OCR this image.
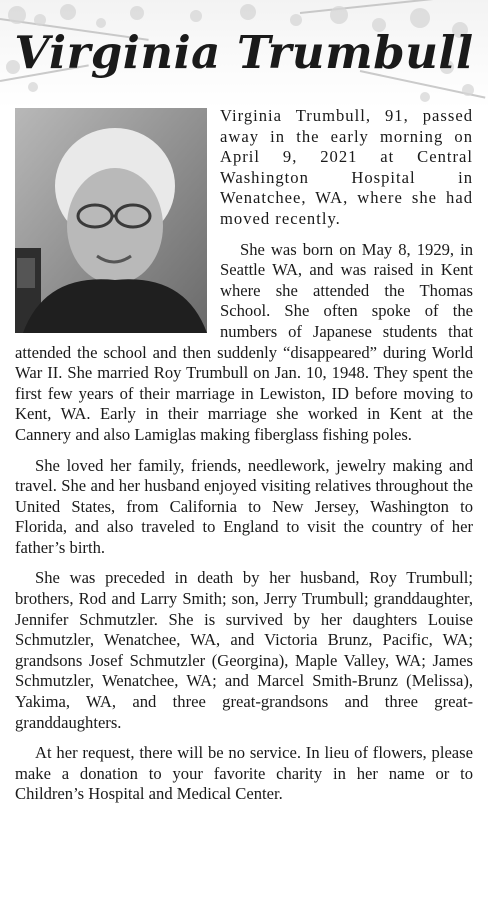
Virginia Trumbull

Virginia Trumbull, 91, passed away in the early morning on April 9, 2021 at Central Washington Hospital in Wenatchee, WA, where she had moved recently.

She was born on May 8, 1929, in Seattle WA, and was raised in Kent where she attended the Thomas School. She often spoke of the numbers of Japanese students that attended the school and then suddenly “disappeared” during World War II. She married Roy Trumbull on Jan. 10, 1948. They spent the first few years of their marriage in Lewiston, ID before moving to Kent, WA. Early in their marriage she worked in Kent at the Cannery and also Lamiglas making fiberglass fishing poles.

She loved her family, friends, needlework, jewelry making and travel. She and her husband enjoyed visiting relatives throughout the United States, from California to New Jersey, Washington to Florida, and also traveled to England to visit the country of her father’s birth.

She was preceded in death by her husband, Roy Trumbull; brothers, Rod and Larry Smith; son, Jerry Trumbull; granddaughter, Jennifer Schmutzler. She is survived by her daughters Louise Schmutzler, Wenatchee, WA, and Victoria Brunz, Pacific, WA; grandsons Josef Schmutzler (Georgina), Maple Valley, WA; James Schmutzler, Wenatchee, WA; and Marcel Smith-Brunz (Melissa), Yakima, WA, and three great-grandsons and three great-granddaughters.

At her request, there will be no service. In lieu of flowers, please make a donation to your favorite charity in her name or to Children’s Hospital and Medical Center.
